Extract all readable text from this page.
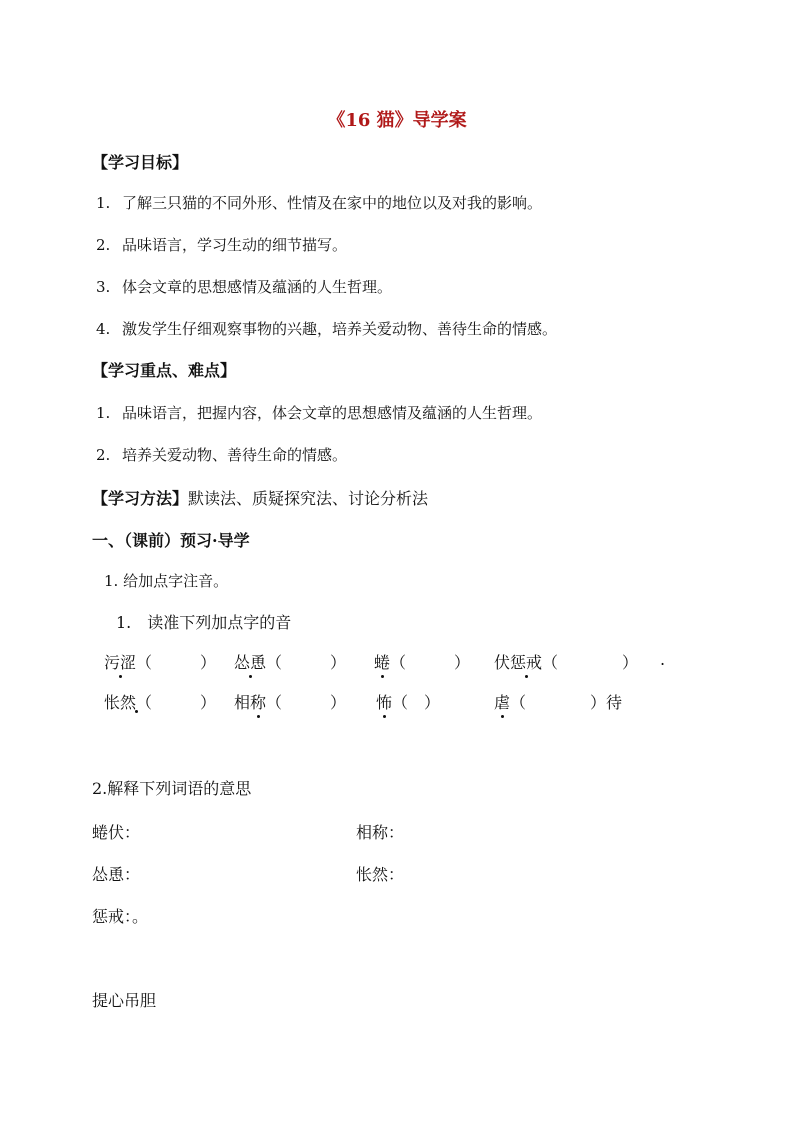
《16 猫》导学案
【学习目标】
1. 了解三只猫的不同外形、性情及在家中的地位以及对我的影响。
2. 品味语言，学习生动的细节描写。
3. 体会文章的思想感情及蕴涵的人生哲理。
4. 激发学生仔细观察事物的兴趣，培养关爱动物、善待生命的情感。
【学习重点、难点】
1. 品味语言，把握内容，体会文章的思想感情及蕴涵的人生哲理。
2. 培养关爱动物、善待生命的情感。
【学习方法】默读法、质疑探究法、讨论分析法
一、（课前）预习·导学
1. 给加点字注音。
1.　读准下列加点字的音
污涩（　　　） 怂恿（　　　） 蜷（　　　） 伏惩戒（　　　　） .
怅然（　　　） 相称（　　　） 怖（　）	虐（　　　　）待
2.解释下列词语的意思
蜷伏：	相称：
怂恿：	怅然：
惩戒：。
提心吊胆
